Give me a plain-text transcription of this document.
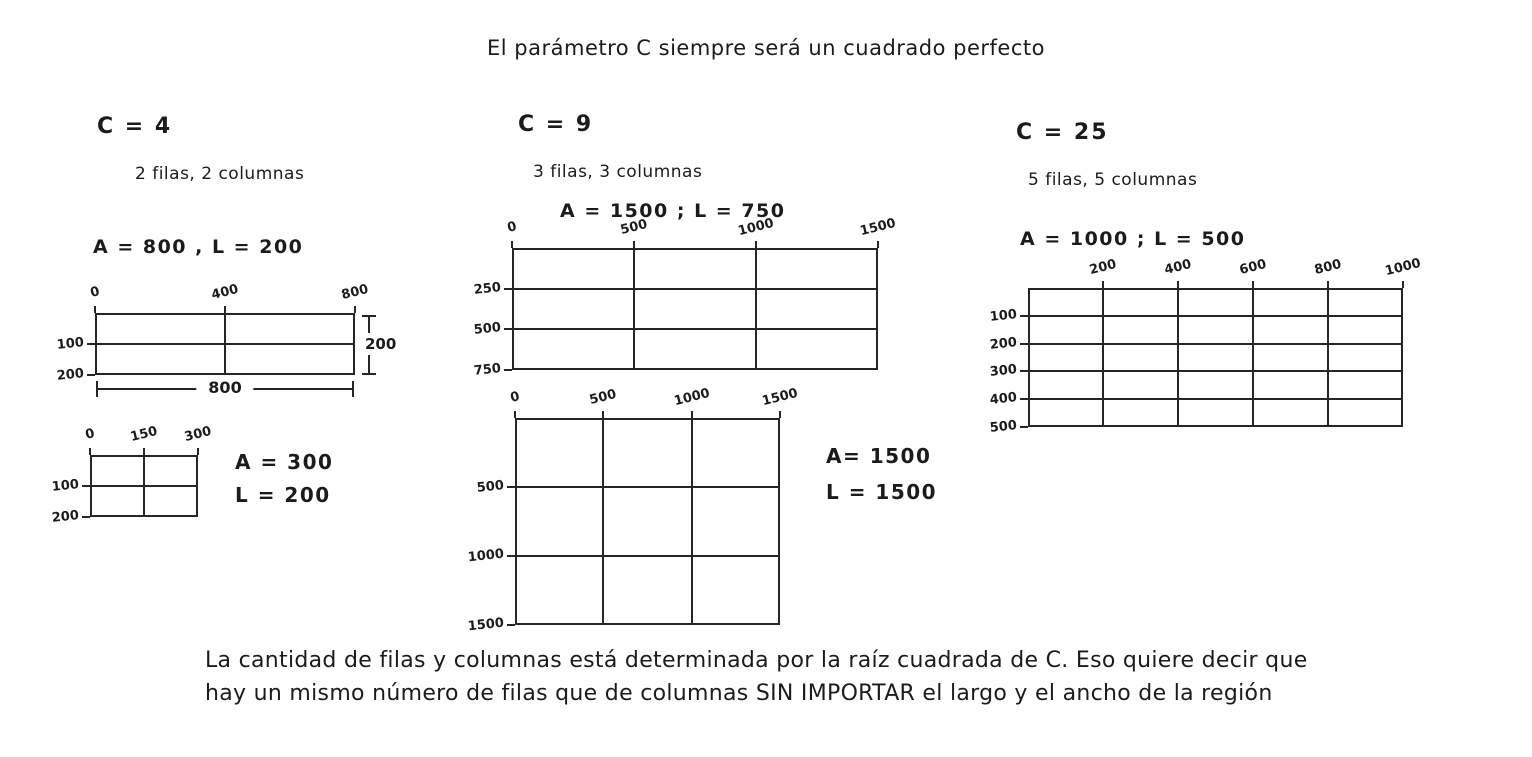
El parámetro C siempre será un cuadrado perfecto
C = 4
2 filas, 2 columnas
A = 800 , L = 200
A = 300
L = 200
C = 9
3 filas, 3 columnas
A = 1500 ; L = 750
A= 1500
L = 1500
C = 25
5 filas, 5 columnas
A = 1000 ; L = 500
La cantidad de filas y columnas está determinada por la raíz cuadrada de C. Eso quiere decir que
hay un mismo número de filas que de columnas SIN IMPORTAR el largo y el ancho de la región
0	400	800
100
200
200
800
0	150 300
100
200
0	500	1000	1500
250
500
750
0	500	1000	1500
500
1000
1500
200	400	600	800	1000
100
200
300
400
500
